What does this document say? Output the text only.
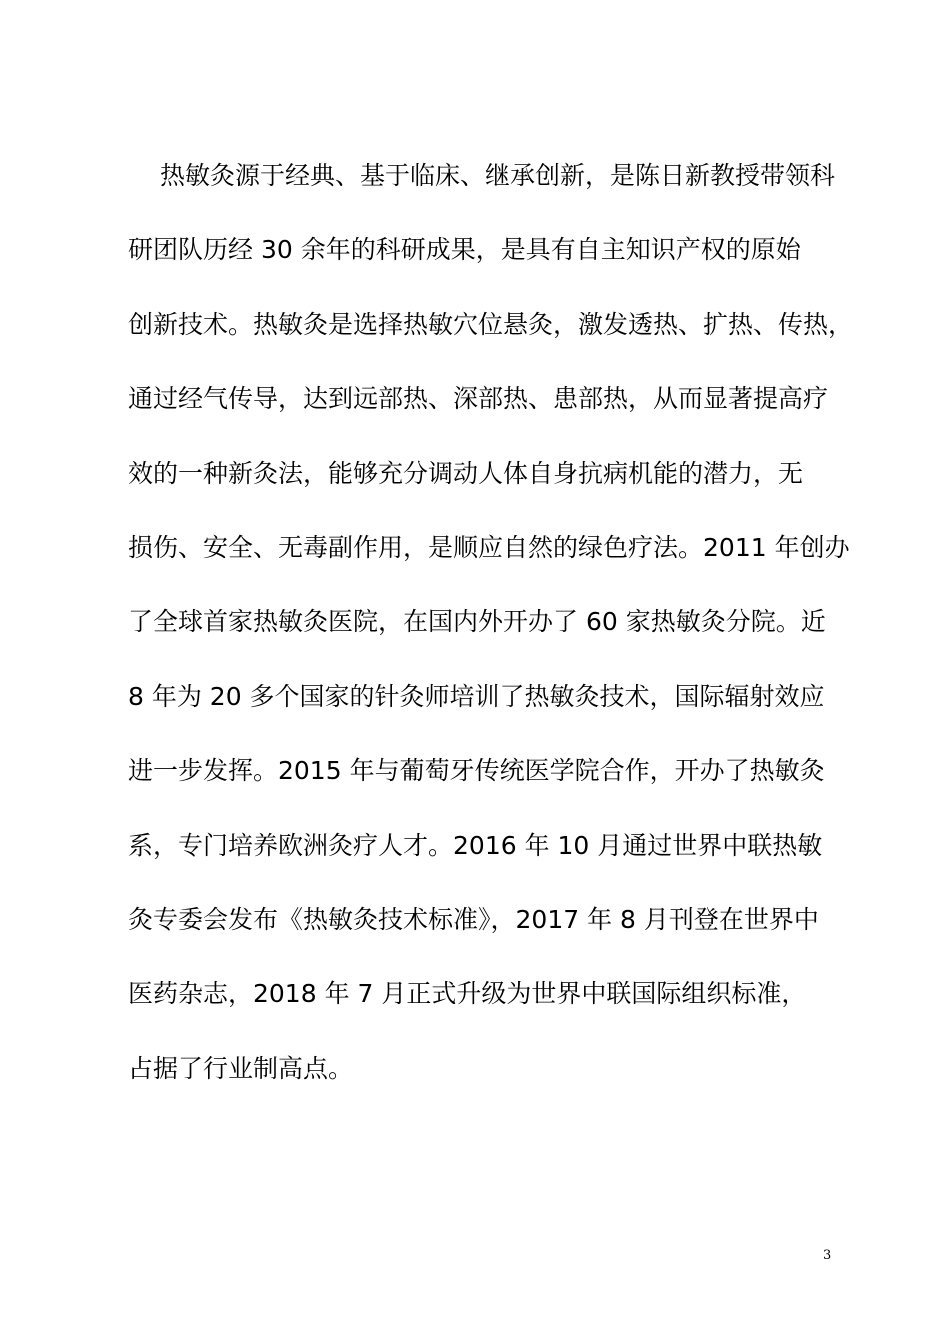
热敏灸源于经典、基于临床、继承创新，是陈日新教授带领科
研团队历经 30 余年的科研成果，是具有自主知识产权的原始
创新技术。热敏灸是选择热敏穴位悬灸，激发透热、扩热、传热，
通过经气传导，达到远部热、深部热、患部热，从而显著提高疗
效的一种新灸法，能够充分调动人体自身抗病机能的潜力，无
损伤、安全、无毒副作用，是顺应自然的绿色疗法。2011 年创办
了全球首家热敏灸医院，在国内外开办了 60 家热敏灸分院。近
8 年为 20 多个国家的针灸师培训了热敏灸技术，国际辐射效应
进一步发挥。2015 年与葡萄牙传统医学院合作，开办了热敏灸
系，专门培养欧洲灸疗人才。2016 年 10 月通过世界中联热敏
灸专委会发布《热敏灸技术标准》，2017 年 8 月刊登在世界中
医药杂志，2018 年 7 月正式升级为世界中联国际组织标准，
占据了行业制高点。
3
